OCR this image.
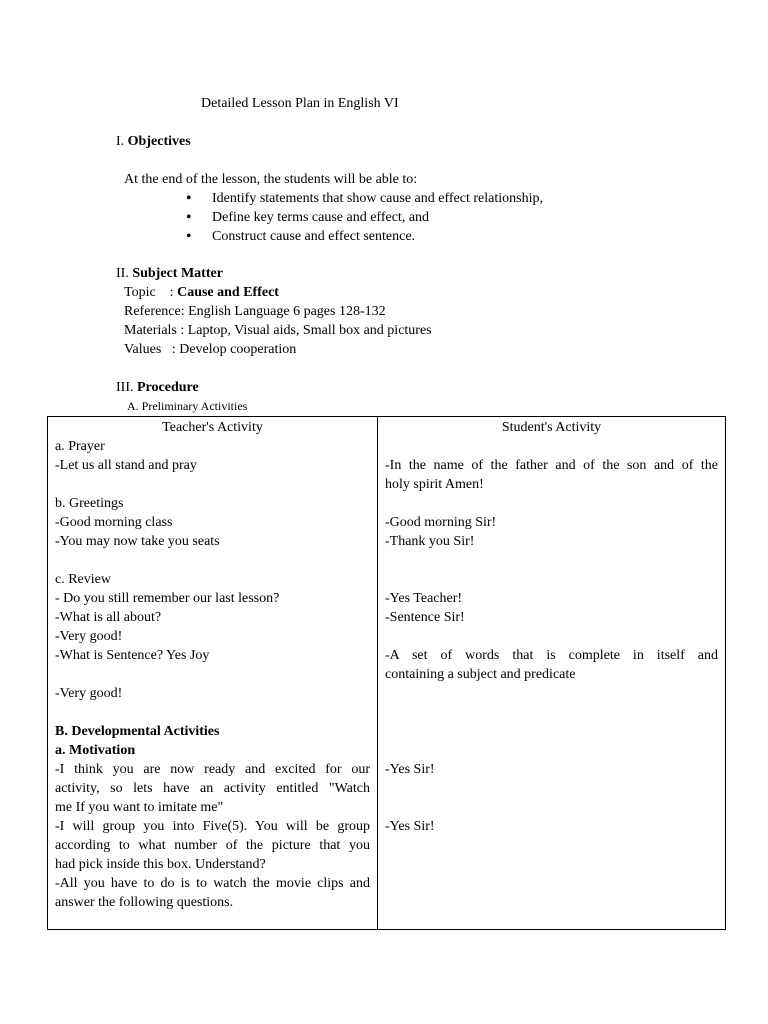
Detailed Lesson Plan in English VI
I. Objectives
At the end of the lesson, the students will be able to:
• Identify statements that show cause and effect relationship,
• Define key terms cause and effect, and
• Construct cause and effect sentence.
II. Subject Matter
Topic    : Cause and Effect
Reference: English Language 6 pages 128-132
Materials : Laptop, Visual aids, Small box and pictures
Values   : Develop cooperation
III. Procedure
A. Preliminary Activities
Teacher's Activity
a. Prayer
-Let us all stand and pray
b. Greetings
-Good morning class
-You may now take you seats
c. Review
- Do you still remember our last lesson?
-What is all about?
-Very good!
-What is Sentence? Yes Joy
-Very good!
B. Developmental Activities
a. Motivation
-I think you are now ready and excited for our
activity, so lets have an activity entitled "Watch
me If you want to imitate me"
-I will group you into Five(5). You will be group
according to what number of the picture that you
had pick inside this box. Understand?
-All you have to do is to watch the movie clips and
answer the following questions.
Student's Activity
-In the name of the father and of the son and of the
holy spirit Amen!
-Good morning Sir!
-Thank you Sir!
-Yes Teacher!
-Sentence Sir!
-A set of words that is complete in itself and
containing a subject and predicate
-Yes Sir!
-Yes Sir!
